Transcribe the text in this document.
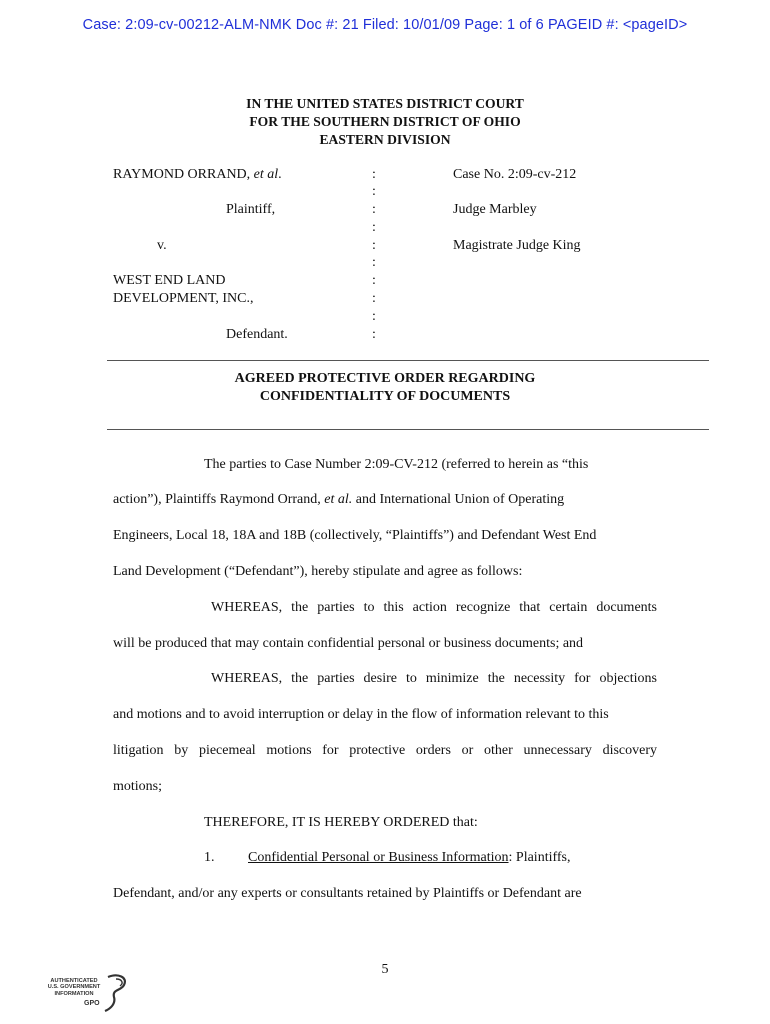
Case: 2:09-cv-00212-ALM-NMK Doc #: 21 Filed: 10/01/09 Page: 1 of 6 PAGEID #: <pageID>
IN THE UNITED STATES DISTRICT COURT
FOR THE SOUTHERN DISTRICT OF OHIO
EASTERN DIVISION
RAYMOND ORRAND, et al.
Plaintiff,
v.
WEST END LAND
DEVELOPMENT, INC.,
Defendant.
:
:
:
:
:
:
:
:
:
:
Case No. 2:09-cv-212
Judge Marbley
Magistrate Judge King
AGREED PROTECTIVE ORDER REGARDING
CONFIDENTIALITY OF DOCUMENTS
The parties to Case Number 2:09-CV-212 (referred to herein as “this
action”), Plaintiffs Raymond Orrand, et al. and International Union of Operating
Engineers, Local 18, 18A and 18B (collectively, “Plaintiffs”) and Defendant West End
Land Development (“Defendant”), hereby stipulate and agree as follows:
WHEREAS, the parties to this action recognize that certain documents
will be produced that may contain confidential personal or business documents; and
WHEREAS, the parties desire to minimize the necessity for objections
and motions and to avoid interruption or delay in the flow of information relevant to this
litigation by piecemeal motions for protective orders or other unnecessary discovery
motions;
THEREFORE, IT IS HEREBY ORDERED that:
1. Confidential Personal or Business Information: Plaintiffs,
Defendant, and/or any experts or consultants retained by Plaintiffs or Defendant are
5
AUTHENTICATED
U.S. GOVERNMENT
INFORMATION
GPO
